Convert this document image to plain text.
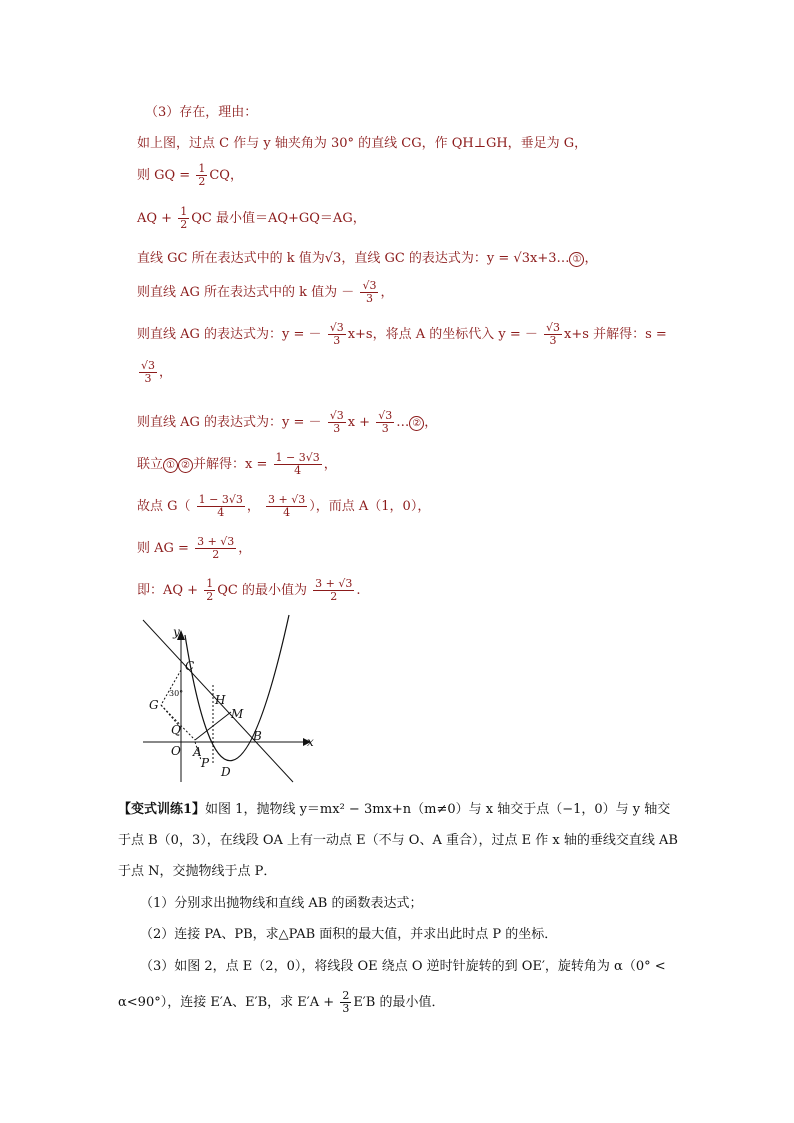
（3）存在，理由：
如上图，过点 C 作与 y 轴夹角为 30° 的直线 CG，作 QH⊥GH，垂足为 G，
则 GQ = $\frac{1}{2}$ CQ，
AQ + $\frac{1}{2}$ QC 最小值＝AQ+GQ＝AG，
直线 GC 所在表达式中的 k 值为√3，直线 GC 的表达式为：y = √3x+3… ① ，
则直线 AG 所在表达式中的 k 值为 － $\frac{√3}{3}$ ，
则直线 AG 的表达式为：y = － $\frac{√3}{3} x+s$，将点 A 的坐标代入 y = － $\frac{√3}{3} x+s$ 并解得：s =
$\frac{√3}{3}$ ，
则直线 AG 的表达式为：y = － $\frac{√3}{3}$ $x + \frac{√3}{3}$ … ② ，
联立 ① ② 并解得：$x = \frac{1 - 3√3}{4}$ ，
故点 $G( \frac{1 - 3√3}{4}$ ， $\frac{3 + √3}{4}$ ），而点 A（1，0），
则 AG = $\frac{3 + √3}{2}$ ，
即：AQ + $\frac{1}{2}$ QC 的最小值为 $\frac{3 + √3}{2}$ .
y
x
C
G
30°	H
M
Q
O A
B
P
D
【变式训练1】如图 1，抛物线 y＝mx² − 3mx+n（m≠0）与 x 轴交于点（−1，0）与 y 轴交
于点 B（0，3），在线段 OA 上有一动点 E（不与 O、A 重合），过点 E 作 x 轴的垂线交直线 AB
于点 N，交抛物线于点 P．
（1）分别求出抛物线和直线 AB 的函数表达式；
（2）连接 PA、PB，求△PAB 面积的最大值，并求出此时点 P 的坐标．
（3）如图 2，点 E（2，0），将线段 OE 绕点 O 逆时针旋转的到 OE′，旋转角为 α（0° <
α<90°），连接 E′A、E′B，求 $E'A + \frac{2}{3} E'B$ 的最小值．
